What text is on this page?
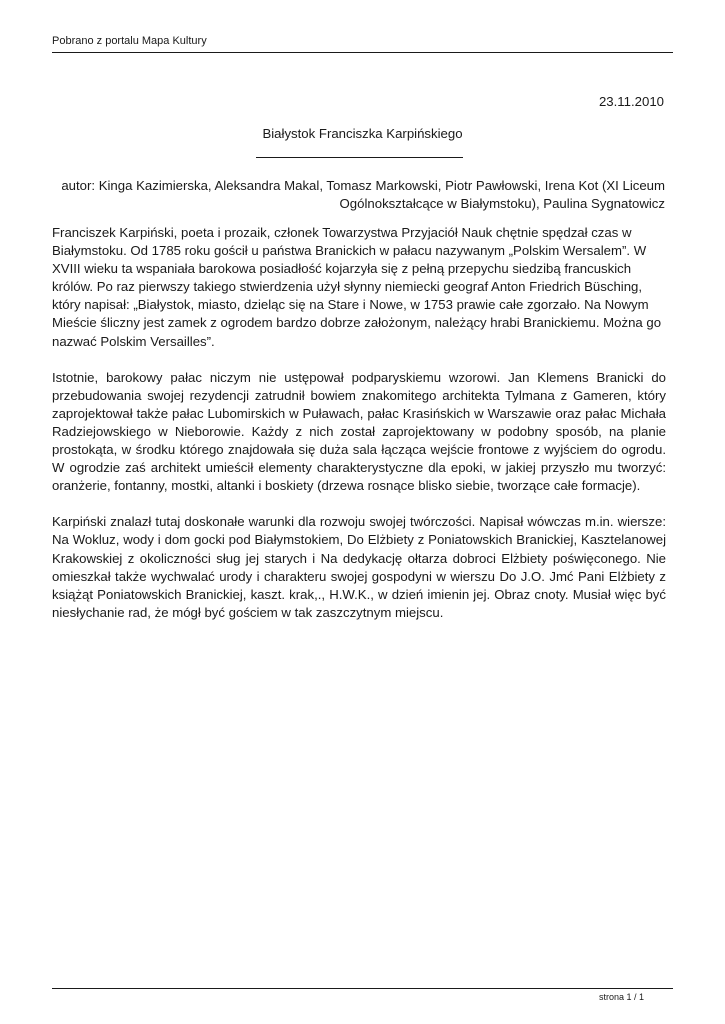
Pobrano z portalu Mapa Kultury
23.11.2010
Białystok Franciszka Karpińskiego
autor: Kinga Kazimierska, Aleksandra Makal, Tomasz Markowski, Piotr Pawłowski, Irena Kot (XI Liceum Ogólnokształcące w Białymstoku), Paulina Sygnatowicz

Franciszek Karpiński, poeta i prozaik, członek Towarzystwa Przyjaciół Nauk chętnie spędzał czas w Białymstoku. Od 1785 roku gościł u państwa Branickich w pałacu nazywanym „Polskim Wersalem”. W XVIII wieku ta wspaniała barokowa posiadłość kojarzyła się z pełną przepychu siedzibą francuskich królów. Po raz pierwszy takiego stwierdzenia użył słynny niemiecki geograf Anton Friedrich Büsching, który napisał: „Białystok, miasto, dzieląc się na Stare i Nowe, w 1753 prawie całe zgorzało. Na Nowym Mieście śliczny jest zamek z ogrodem bardzo dobrze założonym, należący hrabi Branickiemu. Można go nazwać Polskim Versailles”.

Istotnie, barokowy pałac niczym nie ustępował podparyskiemu wzorowi. Jan Klemens Branicki do przebudowania swojej rezydencji zatrudnił bowiem znakomitego architekta Tylmana z Gameren, który zaprojektował także pałac Lubomirskich w Puławach, pałac Krasińskich w Warszawie oraz pałac Michała Radziejowskiego w Nieborowie. Każdy z nich został zaprojektowany w podobny sposób, na planie prostokąta, w środku którego znajdowała się duża sala łącząca wejście frontowe z wyjściem do ogrodu. W ogrodzie zaś architekt umieścił elementy charakterystyczne dla epoki, w jakiej przyszło mu tworzyć: oranżerie, fontanny, mostki, altanki i boskiety (drzewa rosnące blisko siebie, tworzące całe formacje).

Karpiński znalazł tutaj doskonałe warunki dla rozwoju swojej twórczości. Napisał wówczas m.in. wiersze: Na Wokluz, wody i dom gocki pod Białymstokiem, Do Elżbiety z Poniatowskich Branickiej, Kasztelanowej Krakowskiej z okoliczności sług jej starych i Na dedykację ołtarza dobroci Elżbiety poświęconego. Nie omieszkał także wychwalać urody i charakteru swojej gospodyni w wierszu Do J.O. Jmć Pani Elżbiety z książąt Poniatowskich Branickiej, kaszt. krak,., H.W.K., w dzień imienin jej. Obraz cnoty. Musiał więc być niesłychanie rad, że mógł być gościem w tak zaszczytnym miejscu.

strona 1 / 1
